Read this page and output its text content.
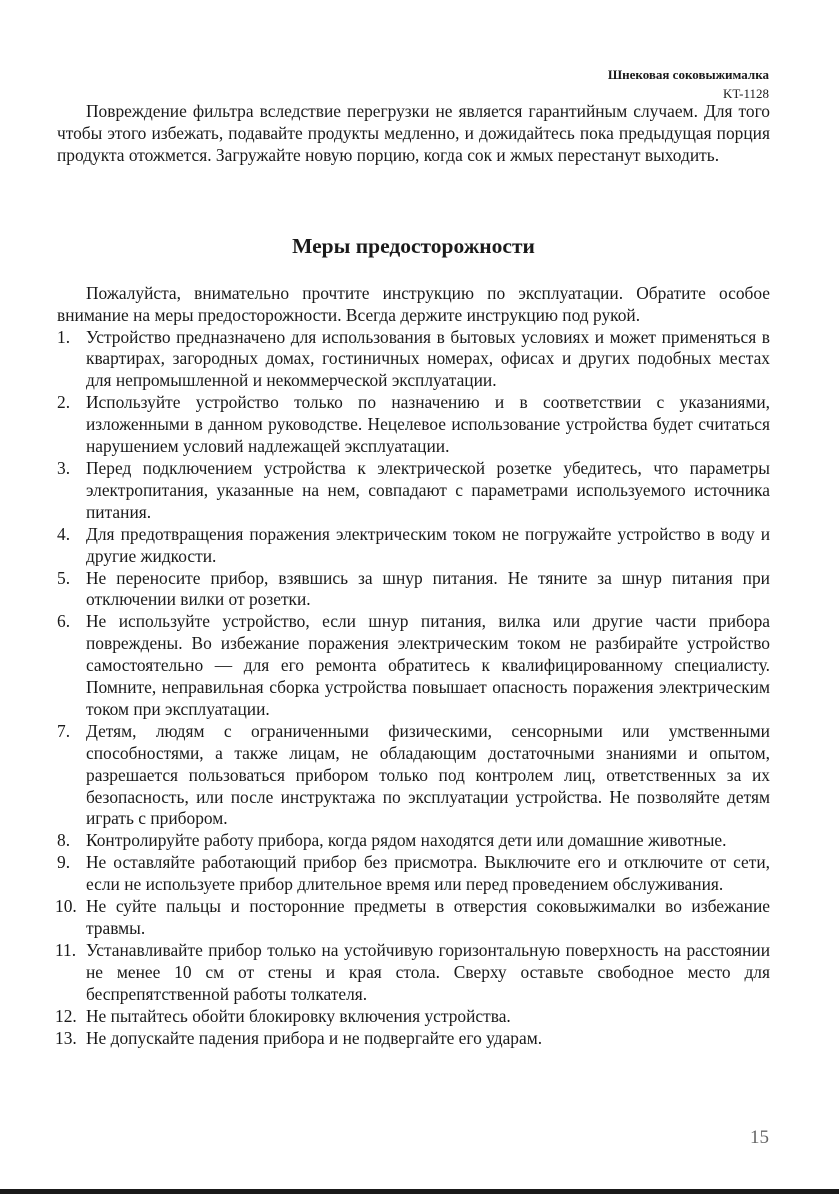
Шнековая соковыжималка
KT-1128

Повреждение фильтра вследствие перегрузки не является гарантийным случаем. Для того чтобы этого избежать, подавайте продукты медленно, и дожидайтесь пока предыдущая порция продукта отожмется. Загружайте новую порцию, когда сок и жмых перестанут выходить.

Меры предосторожности

Пожалуйста, внимательно прочтите инструкцию по эксплуатации. Обратите особое внимание на меры предосторожности. Всегда держите инструкцию под рукой.

1. Устройство предназначено для использования в бытовых условиях и может применяться в квартирах, загородных домах, гостиничных номерах, офисах и других подобных местах для непромышленной и некоммерческой эксплуатации.
2. Используйте устройство только по назначению и в соответствии с указаниями, изложенными в данном руководстве. Нецелевое использование устройства будет считаться нарушением условий надлежащей эксплуатации.
3. Перед подключением устройства к электрической розетке убедитесь, что параметры электропитания, указанные на нем, совпадают с параметрами используемого источника питания.
4. Для предотвращения поражения электрическим током не погружайте устройство в воду и другие жидкости.
5. Не переносите прибор, взявшись за шнур питания. Не тяните за шнур питания при отключении вилки от розетки.
6. Не используйте устройство, если шнур питания, вилка или другие части прибора повреждены. Во избежание поражения электрическим током не разбирайте устройство самостоятельно — для его ремонта обратитесь к квалифицированному специалисту. Помните, неправильная сборка устройства повышает опасность поражения электрическим током при эксплуатации.
7. Детям, людям с ограниченными физическими, сенсорными или умственными способностями, а также лицам, не обладающим достаточными знаниями и опытом, разрешается пользоваться прибором только под контролем лиц, ответственных за их безопасность, или после инструктажа по эксплуатации устройства. Не позволяйте детям играть с прибором.
8. Контролируйте работу прибора, когда рядом находятся дети или домашние животные.
9. Не оставляйте работающий прибор без присмотра. Выключите его и отключите от сети, если не используете прибор длительное время или перед проведением обслуживания.
10. Не суйте пальцы и посторонние предметы в отверстия соковыжималки во избежание травмы.
11. Устанавливайте прибор только на устойчивую горизонтальную поверхность на расстоянии не менее 10 см от стены и края стола. Сверху оставьте свободное место для беспрепятственной работы толкателя.
12. Не пытайтесь обойти блокировку включения устройства.
13. Не допускайте падения прибора и не подвергайте его ударам.
15
